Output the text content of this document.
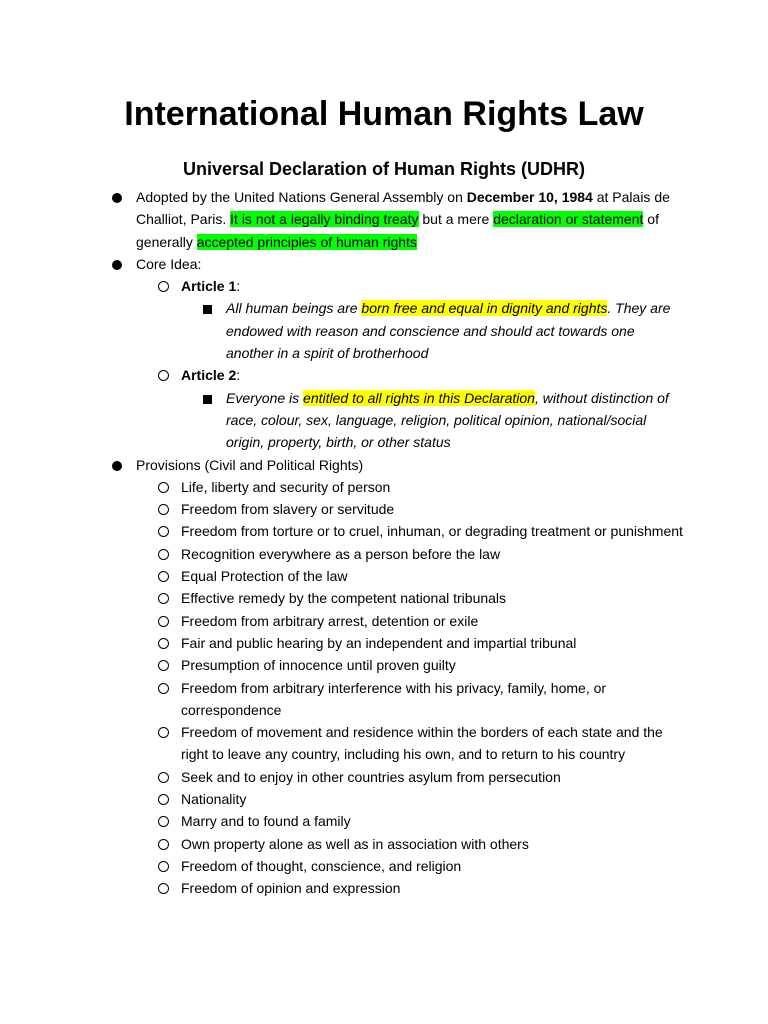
International Human Rights Law
Universal Declaration of Human Rights (UDHR)
Adopted by the United Nations General Assembly on December 10, 1984 at Palais de Challiot, Paris. It is not a legally binding treaty but a mere declaration or statement of generally accepted principles of human rights
Core Idea:
Article 1:
All human beings are born free and equal in dignity and rights. They are endowed with reason and conscience and should act towards one another in a spirit of brotherhood
Article 2:
Everyone is entitled to all rights in this Declaration, without distinction of race, colour, sex, language, religion, political opinion, national/social origin, property, birth, or other status
Provisions (Civil and Political Rights)
Life, liberty and security of person
Freedom from slavery or servitude
Freedom from torture or to cruel, inhuman, or degrading treatment or punishment
Recognition everywhere as a person before the law
Equal Protection of the law
Effective remedy by the competent national tribunals
Freedom from arbitrary arrest, detention or exile
Fair and public hearing by an independent and impartial tribunal
Presumption of innocence until proven guilty
Freedom from arbitrary interference with his privacy, family, home, or correspondence
Freedom of movement and residence within the borders of each state and the right to leave any country, including his own, and to return to his country
Seek and to enjoy in other countries asylum from persecution
Nationality
Marry and to found a family
Own property alone as well as in association with others
Freedom of thought, conscience, and religion
Freedom of opinion and expression
